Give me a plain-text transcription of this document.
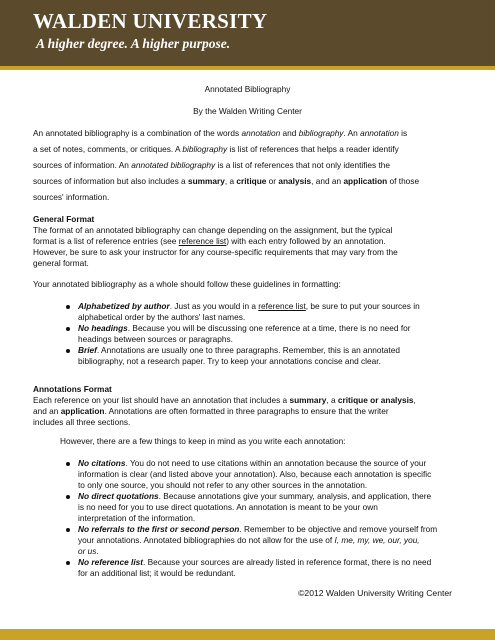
WALDEN UNIVERSITY
A higher degree. A higher purpose.
Annotated Bibliography
By the Walden Writing Center
An annotated bibliography is a combination of the words annotation and bibliography. An annotation is
a set of notes, comments, or critiques. A bibliography is list of references that helps a reader identify
sources of information. An annotated bibliography is a list of references that not only identifies the
sources of information but also includes a summary, a critique or analysis, and an application of those
sources' information.
General Format
The format of an annotated bibliography can change depending on the assignment, but the typical
format is a list of reference entries (see reference list) with each entry followed by an annotation.
However, be sure to ask your instructor for any course-specific requirements that may vary from the
general format.
Your annotated bibliography as a whole should follow these guidelines in formatting:
Alphabetized by author. Just as you would in a reference list, be sure to put your sources in
alphabetical order by the authors' last names.
No headings. Because you will be discussing one reference at a time, there is no need for
headings between sources or paragraphs.
Brief. Annotations are usually one to three paragraphs. Remember, this is an annotated
bibliography, not a research paper. Try to keep your annotations concise and clear.
Annotations Format
Each reference on your list should have an annotation that includes a summary, a critique or analysis,
and an application. Annotations are often formatted in three paragraphs to ensure that the writer
includes all three sections.
However, there are a few things to keep in mind as you write each annotation:
No citations. You do not need to use citations within an annotation because the source of your
information is clear (and listed above your annotation). Also, because each annotation is specific
to only one source, you should not refer to any other sources in the annotation.
No direct quotations. Because annotations give your summary, analysis, and application, there
is no need for you to use direct quotations. An annotation is meant to be your own
interpretation of the information.
No referrals to the first or second person. Remember to be objective and remove yourself from
your annotations. Annotated bibliographies do not allow for the use of I, me, my, we, our, you,
or us.
No reference list. Because your sources are already listed in reference format, there is no need
for an additional list; it would be redundant.
©2012 Walden University Writing Center
